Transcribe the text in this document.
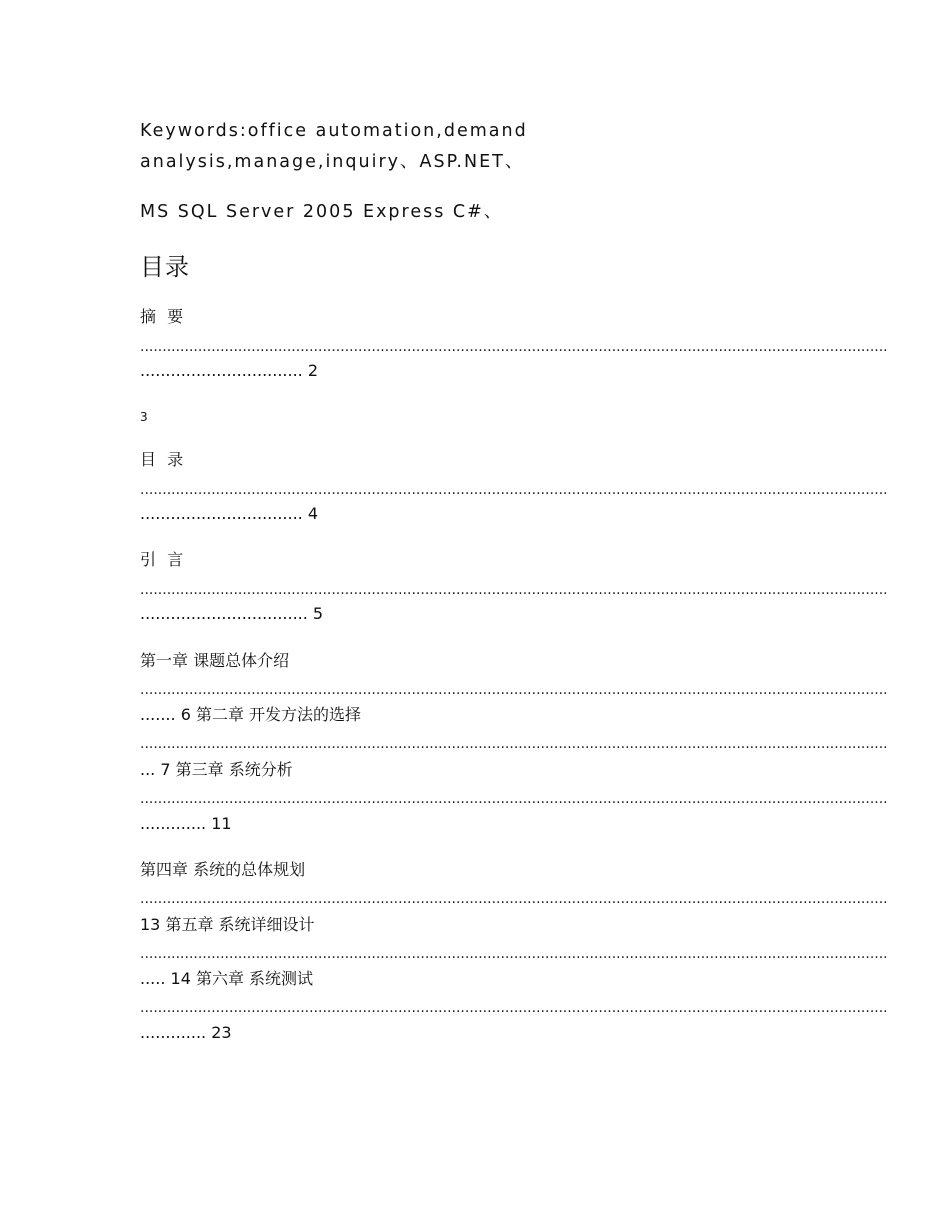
Keywords:office automation,demand
analysis,manage,inquiry、ASP.NET、
MS SQL Server 2005 Express C#、
目录
摘 要
........................................................................................................................................................................
................................ 2
3
目 录
........................................................................................................................................................................
................................ 4
引 言
........................................................................................................................................................................
................................. 5
第一章 课题总体介绍
........................................................................................................................................................................
....... 6 第二章 开发方法的选择
........................................................................................................................................................................
... 7 第三章 系统分析
........................................................................................................................................................................
............. 11
第四章 系统的总体规划
........................................................................................................................................................................
13 第五章 系统详细设计
........................................................................................................................................................................
..... 14 第六章 系统测试
........................................................................................................................................................................
............. 23
